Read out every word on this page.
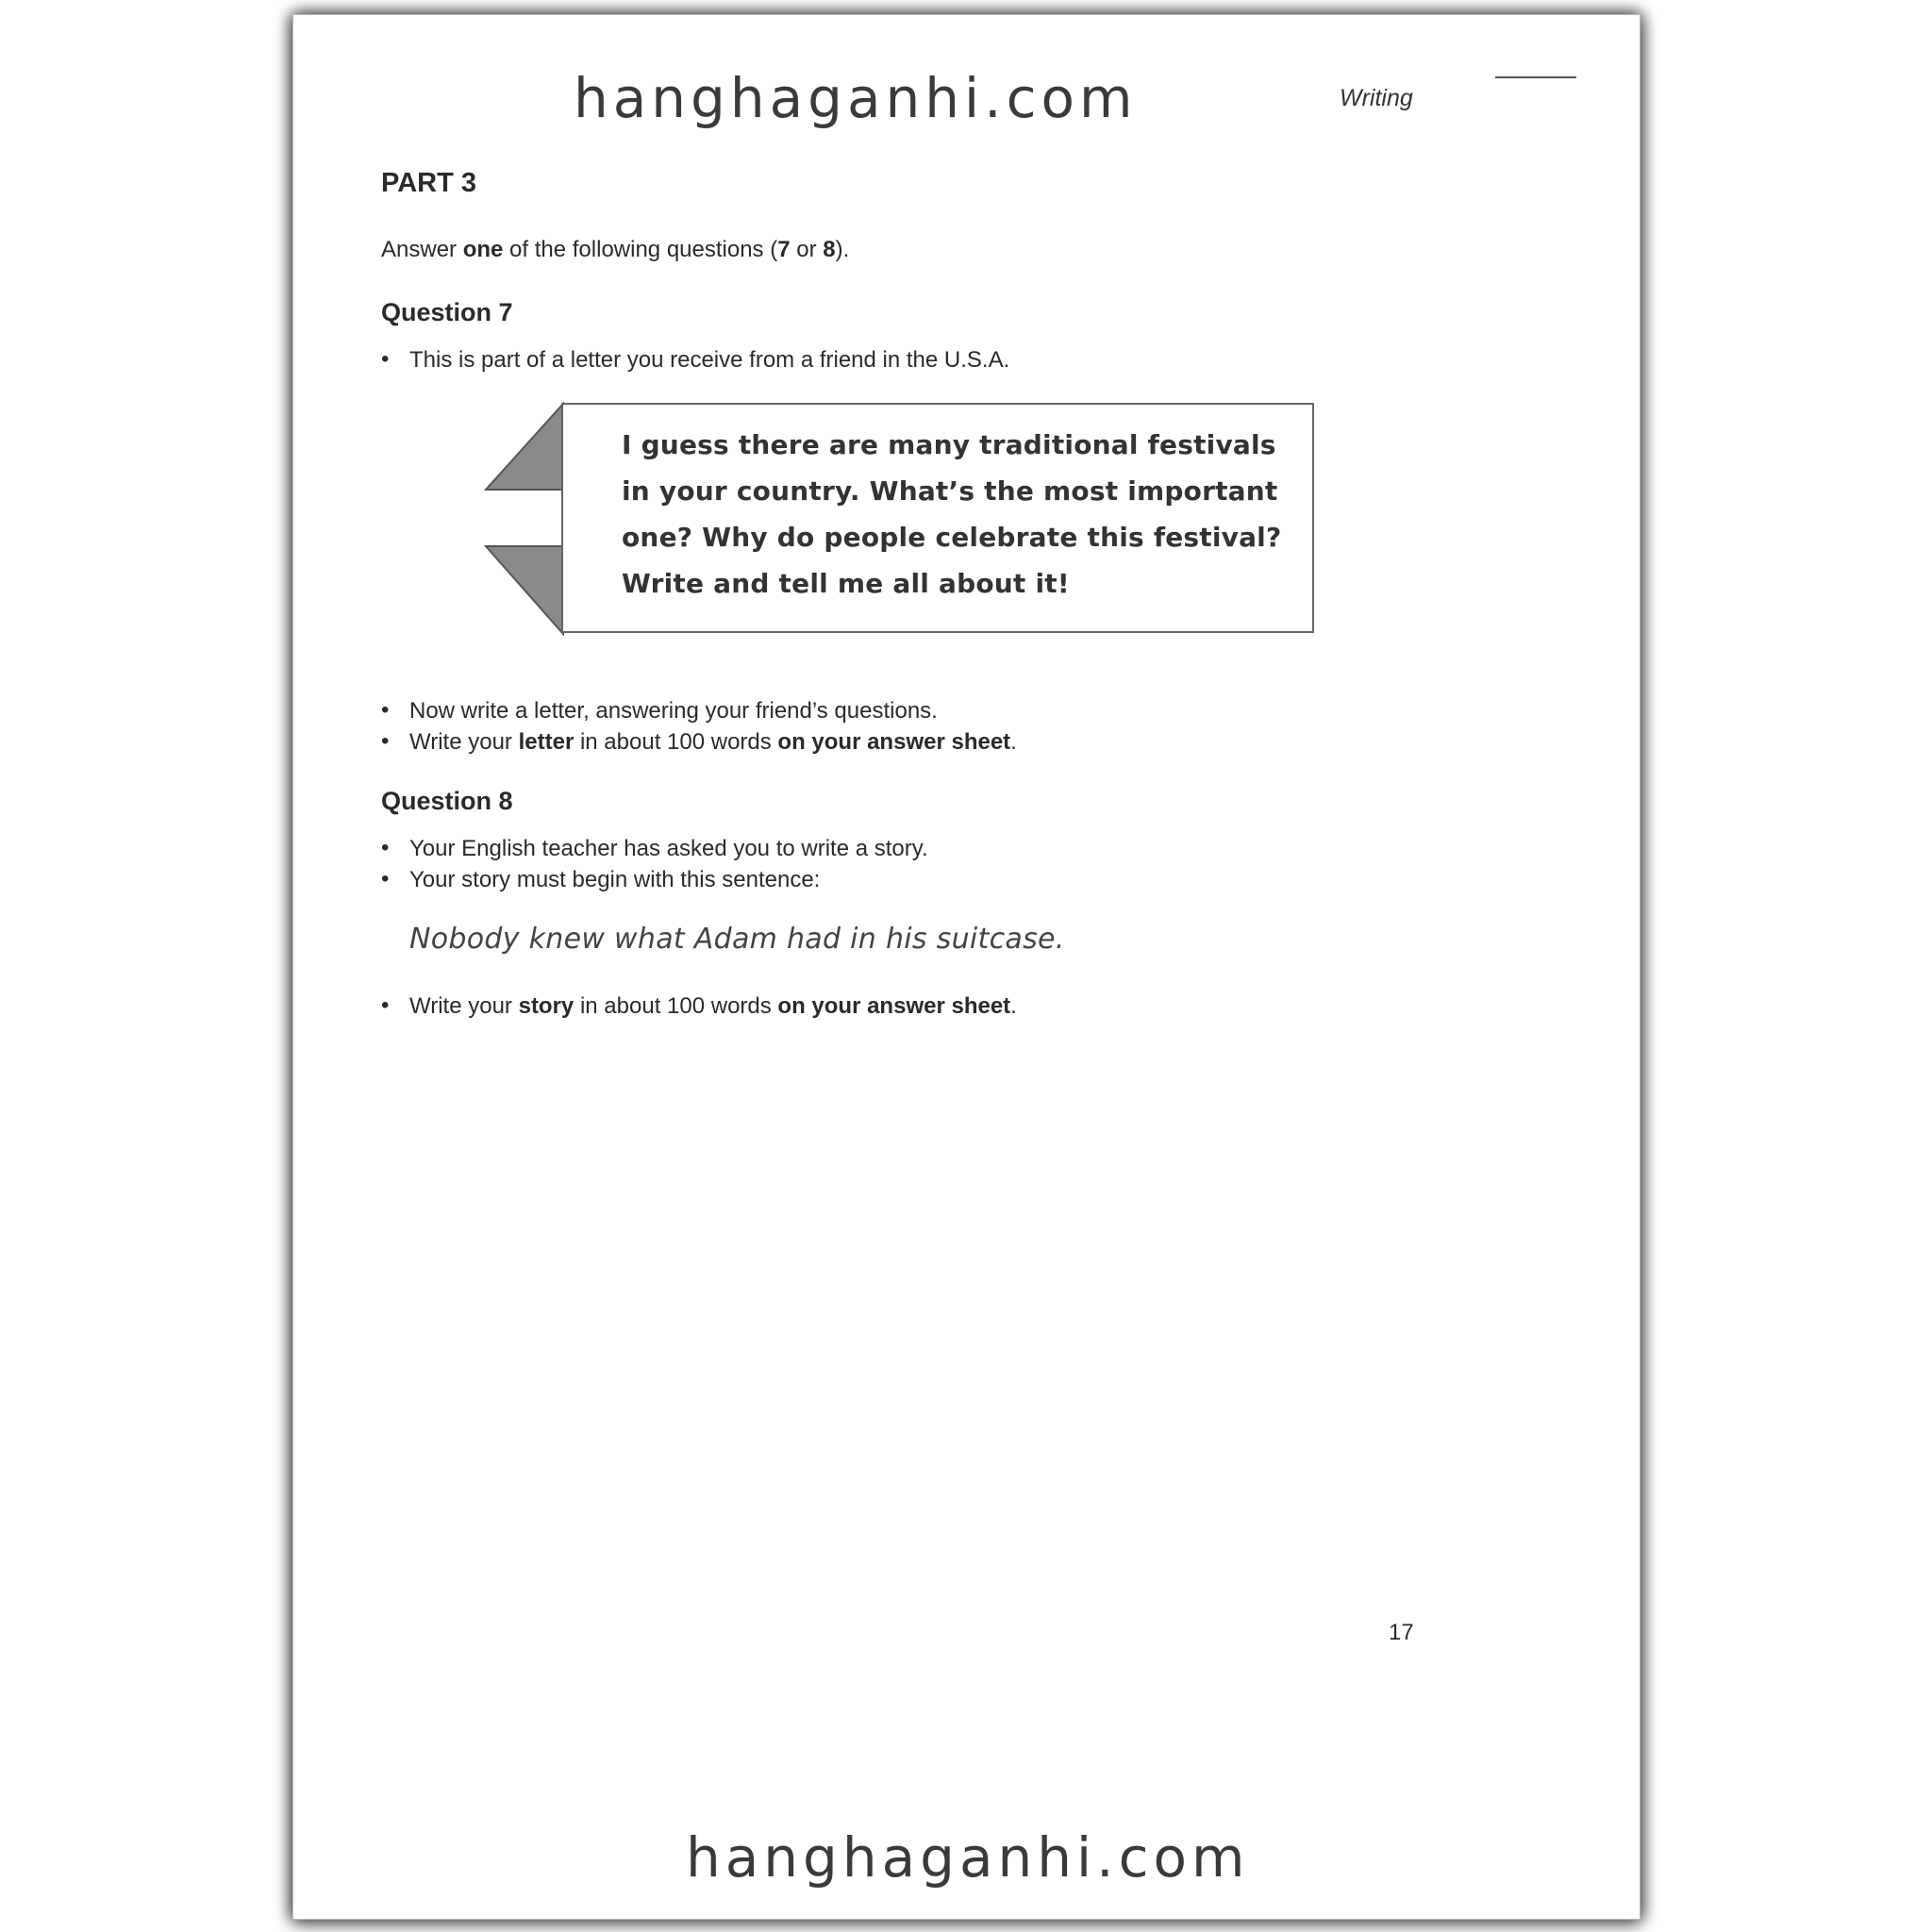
hanghaganhi.com	Writing
PART 3
Answer one of the following questions (7 or 8).
Question 7
• This is part of a letter you receive from a friend in the U.S.A.
I guess there are many traditional festivals
in your country. What’s the most important
one? Why do people celebrate this festival?
Write and tell me all about it!
• Now write a letter, answering your friend’s questions.
• Write your letter in about 100 words on your answer sheet.
Question 8
• Your English teacher has asked you to write a story.
• Your story must begin with this sentence:
Nobody knew what Adam had in his suitcase.
• Write your story in about 100 words on your answer sheet.
17
hanghaganhi.com
